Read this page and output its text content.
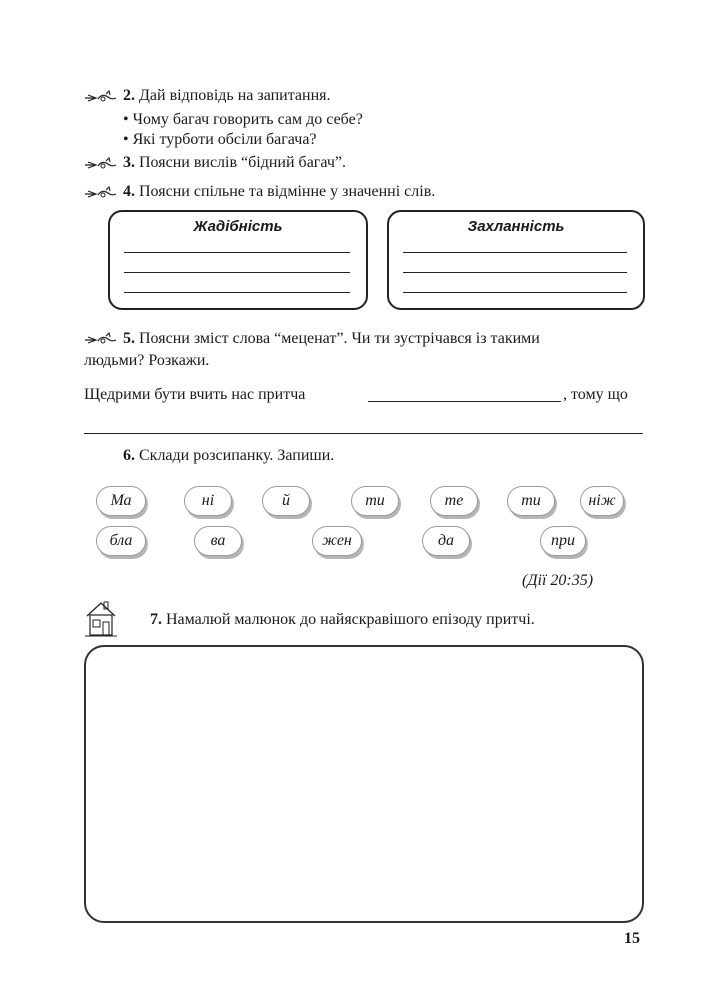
2. Дай відповідь на запитання.
• Чому багач говорить сам до себе?
• Які турботи обсіли багача?
3. Поясни вислів “бідний багач”.
4. Поясни спільне та відмінне у значенні слів.
Жадібність	Захланність
5. Поясни зміст слова “меценат”. Чи ти зустрічався із такими
людьми? Розкажи.
Щедрими бути вчить нас притча	, тому що
6. Склади розсипанку. Запиши.
Ма	ні	й	ти	те	ти	ніж
бла	ва	жен	да	при
(Дії 20:35)
7. Намалюй малюнок до найяскравішого епізоду притчі.
15
